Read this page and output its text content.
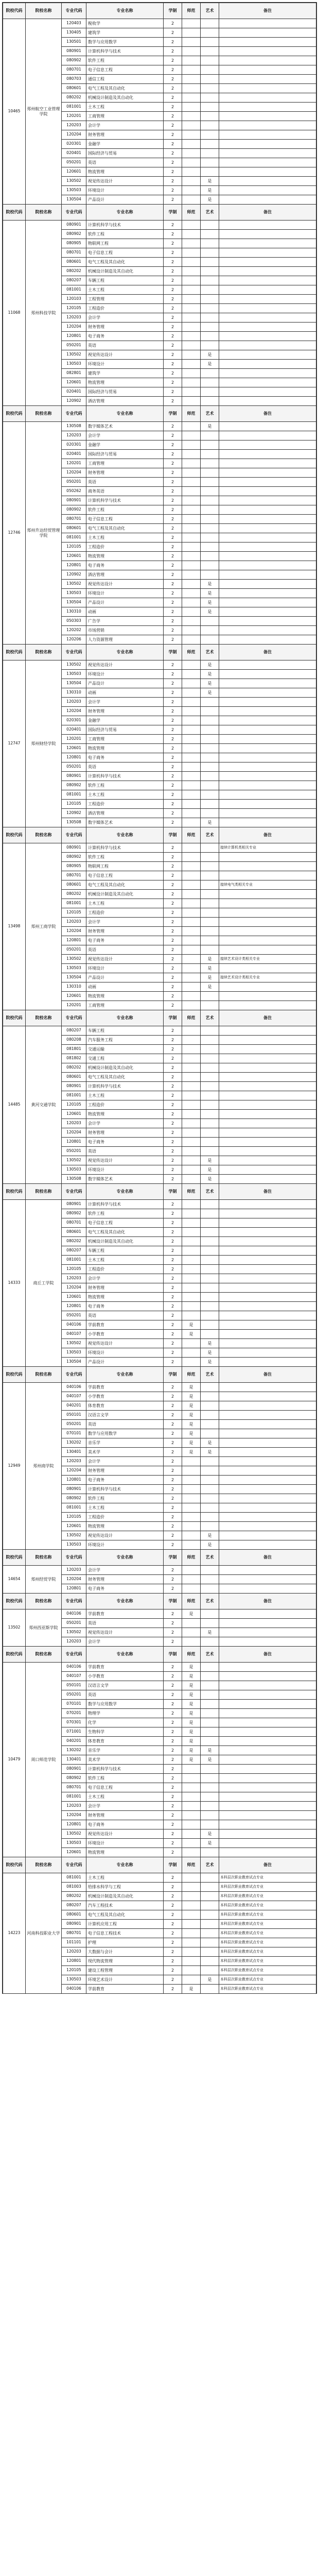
院校代码	院校名称	专业代码	专业名称	学制	师范	艺术	备注
10465	郑州航空工业管理学院	120403	税收学	2			
		130405	建筑学	2			
		130501	数学与应用数学	2			
		080901	计算机科学与技术	2			
		080902	软件工程	2			
		080701	电子信息工程	2			
		080703	通信工程	2			
		080601	电气工程及其自动化	2			
		080202	机械设计制造及其自动化	2			
		081001	土木工程	2			
		120201	工商管理	2			
		120203	会计学	2			
		120204	财务管理	2			
		020301	金融学	2			
		020401	国际经济与贸易	2			
		050201	英语	2			
		120601	物流管理	2			
		130502	视觉传达设计	2		是	
		130503	环境设计	2		是	
		130504	产品设计	2		是	
院校代码	院校名称	专业代码	专业名称	学制	师范	艺术	备注
11068	郑州科技学院	080901	计算机科学与技术	2			
		080902	软件工程	2			
		080905	物联网工程	2			
		080701	电子信息工程	2			
		080601	电气工程及其自动化	2			
		080202	机械设计制造及其自动化	2			
		080207	车辆工程	2			
		081001	土木工程	2			
		120103	工程管理	2			
		120105	工程造价	2			
		120203	会计学	2			
		120204	财务管理	2			
		120801	电子商务	2			
		050201	英语	2			
		130502	视觉传达设计	2		是	
		130503	环境设计	2		是	
		082801	建筑学	2			
		120601	物流管理	2			
		020401	国际经济与贸易	2			
		120902	酒店管理	2			
院校代码	院校名称	专业代码	专业名称	学制	师范	艺术	备注
12746	郑州升达经贸管理学院	130508	数字媒体艺术	2		是	
		120203	会计学	2			
		020301	金融学	2			
		020401	国际经济与贸易	2			
		120201	工商管理	2			
		120204	财务管理	2			
		050201	英语	2			
		050262	商务英语	2			
		080901	计算机科学与技术	2			
		080902	软件工程	2			
		080701	电子信息工程	2			
		080601	电气工程及其自动化	2			
		081001	土木工程	2			
		120105	工程造价	2			
		120601	物流管理	2			
		120801	电子商务	2			
		120902	酒店管理	2			
		130502	视觉传达设计	2		是	
		130503	环境设计	2		是	
		130504	产品设计	2		是	
		130310	动画	2		是	
		050303	广告学	2			
		120202	市场营销	2			
		120206	人力资源管理	2			
院校代码	院校名称	专业代码	专业名称	学制	师范	艺术	备注
12747	郑州财经学院	130502	视觉传达设计	2		是	
		130503	环境设计	2		是	
		130504	产品设计	2		是	
		130310	动画	2		是	
		120203	会计学	2			
		120204	财务管理	2			
		020301	金融学	2			
		020401	国际经济与贸易	2			
		120201	工商管理	2			
		120601	物流管理	2			
		120801	电子商务	2			
		050201	英语	2			
		080901	计算机科学与技术	2			
		080902	软件工程	2			
		081001	土木工程	2			
		120105	工程造价	2			
		120902	酒店管理	2			
		130508	数字媒体艺术	2		是	
院校代码	院校名称	专业代码	专业名称	学制	师范	艺术	备注
13498	郑州工商学院	080901	计算机科学与技术	2			接续计算机类相关专业
		080902	软件工程	2			
		080905	物联网工程	2			
		080701	电子信息工程	2			
		080601	电气工程及其自动化	2			接续电气类相关专业
		080202	机械设计制造及其自动化	2			
		081001	土木工程	2			
		120105	工程造价	2			
		120203	会计学	2			
		120204	财务管理	2			
		120801	电子商务	2			
		050201	英语	2			
		130502	视觉传达设计	2		是	接续艺术设计类相关专业
		130503	环境设计	2		是	
		130504	产品设计	2		是	接续艺术设计类相关专业
		130310	动画	2		是	
		120601	物流管理	2			
		120201	工商管理	2			
院校代码	院校名称	专业代码	专业名称	学制	师范	艺术	备注
14485	黄河交通学院	080207	车辆工程	2			
		080208	汽车服务工程	2			
		081801	交通运输	2			
		081802	交通工程	2			
		080202	机械设计制造及其自动化	2			
		080601	电气工程及其自动化	2			
		080901	计算机科学与技术	2			
		081001	土木工程	2			
		120105	工程造价	2			
		120601	物流管理	2			
		120203	会计学	2			
		120204	财务管理	2			
		120801	电子商务	2			
		050201	英语	2			
		130502	视觉传达设计	2		是	
		130503	环境设计	2		是	
		130508	数字媒体艺术	2		是	
院校代码	院校名称	专业代码	专业名称	学制	师范	艺术	备注
14333	商丘工学院	080901	计算机科学与技术	2			
		080902	软件工程	2			
		080701	电子信息工程	2			
		080601	电气工程及其自动化	2			
		080202	机械设计制造及其自动化	2			
		080207	车辆工程	2			
		081001	土木工程	2			
		120105	工程造价	2			
		120203	会计学	2			
		120204	财务管理	2			
		120601	物流管理	2			
		120801	电子商务	2			
		050201	英语	2			
		040106	学前教育	2	是		
		040107	小学教育	2	是		
		130502	视觉传达设计	2		是	
		130503	环境设计	2		是	
		130504	产品设计	2		是	
院校代码	院校名称	专业代码	专业名称	学制	师范	艺术	备注
12949	郑州商学院	040106	学前教育	2	是		
		040107	小学教育	2	是		
		040201	体育教育	2	是		
		050101	汉语言文学	2	是		
		050201	英语	2	是		
		070101	数学与应用数学	2	是		
		130202	音乐学	2	是	是	
		130401	美术学	2	是	是	
		120203	会计学	2			
		120204	财务管理	2			
		120801	电子商务	2			
		080901	计算机科学与技术	2			
		080902	软件工程	2			
		081001	土木工程	2			
		120105	工程造价	2			
		120601	物流管理	2			
		130502	视觉传达设计	2		是	
		130503	环境设计	2		是	
院校代码	院校名称	专业代码	专业名称	学制	师范	艺术	备注
14654	郑州经贸学院	120203	会计学	2			
		120204	财务管理	2			
		120801	电子商务	2			
院校代码	院校名称	专业代码	专业名称	学制	师范	艺术	备注
13502	郑州西亚斯学院	040106	学前教育	2	是		
		050201	英语	2			
		130502	视觉传达设计	2		是	
		120203	会计学	2			
院校代码	院校名称	专业代码	专业名称	学制	师范	艺术	备注
10479	周口师范学院	040106	学前教育	2	是		
		040107	小学教育	2	是		
		050101	汉语言文学	2	是		
		050201	英语	2	是		
		070101	数学与应用数学	2	是		
		070201	物理学	2	是		
		070301	化学	2	是		
		071001	生物科学	2	是		
		040201	体育教育	2	是		
		130202	音乐学	2	是	是	
		130401	美术学	2	是	是	
		080901	计算机科学与技术	2			
		080902	软件工程	2			
		080701	电子信息工程	2			
		081001	土木工程	2			
		120203	会计学	2			
		120204	财务管理	2			
		120801	电子商务	2			
		130502	视觉传达设计	2		是	
		130503	环境设计	2		是	
		120601	物流管理	2			
院校代码	院校名称	专业代码	专业名称	学制	师范	艺术	备注
14223	河南科技职业大学	081001	土木工程	2			本科层次职业教育试点专业
		081003	给排水科学与工程	2			本科层次职业教育试点专业
		080202	机械设计制造及其自动化	2			本科层次职业教育试点专业
		080207	汽车工程技术	2			本科层次职业教育试点专业
		080601	电气工程及其自动化	2			本科层次职业教育试点专业
		080901	计算机应用工程	2			本科层次职业教育试点专业
		080701	电子信息工程技术	2			本科层次职业教育试点专业
		101101	护理	2			本科层次职业教育试点专业
		120203	大数据与会计	2			本科层次职业教育试点专业
		120801	现代物流管理	2			本科层次职业教育试点专业
		120105	建设工程管理	2			本科层次职业教育试点专业
		130503	环境艺术设计	2		是	本科层次职业教育试点专业
		040106	学前教育	2	是		本科层次职业教育试点专业
